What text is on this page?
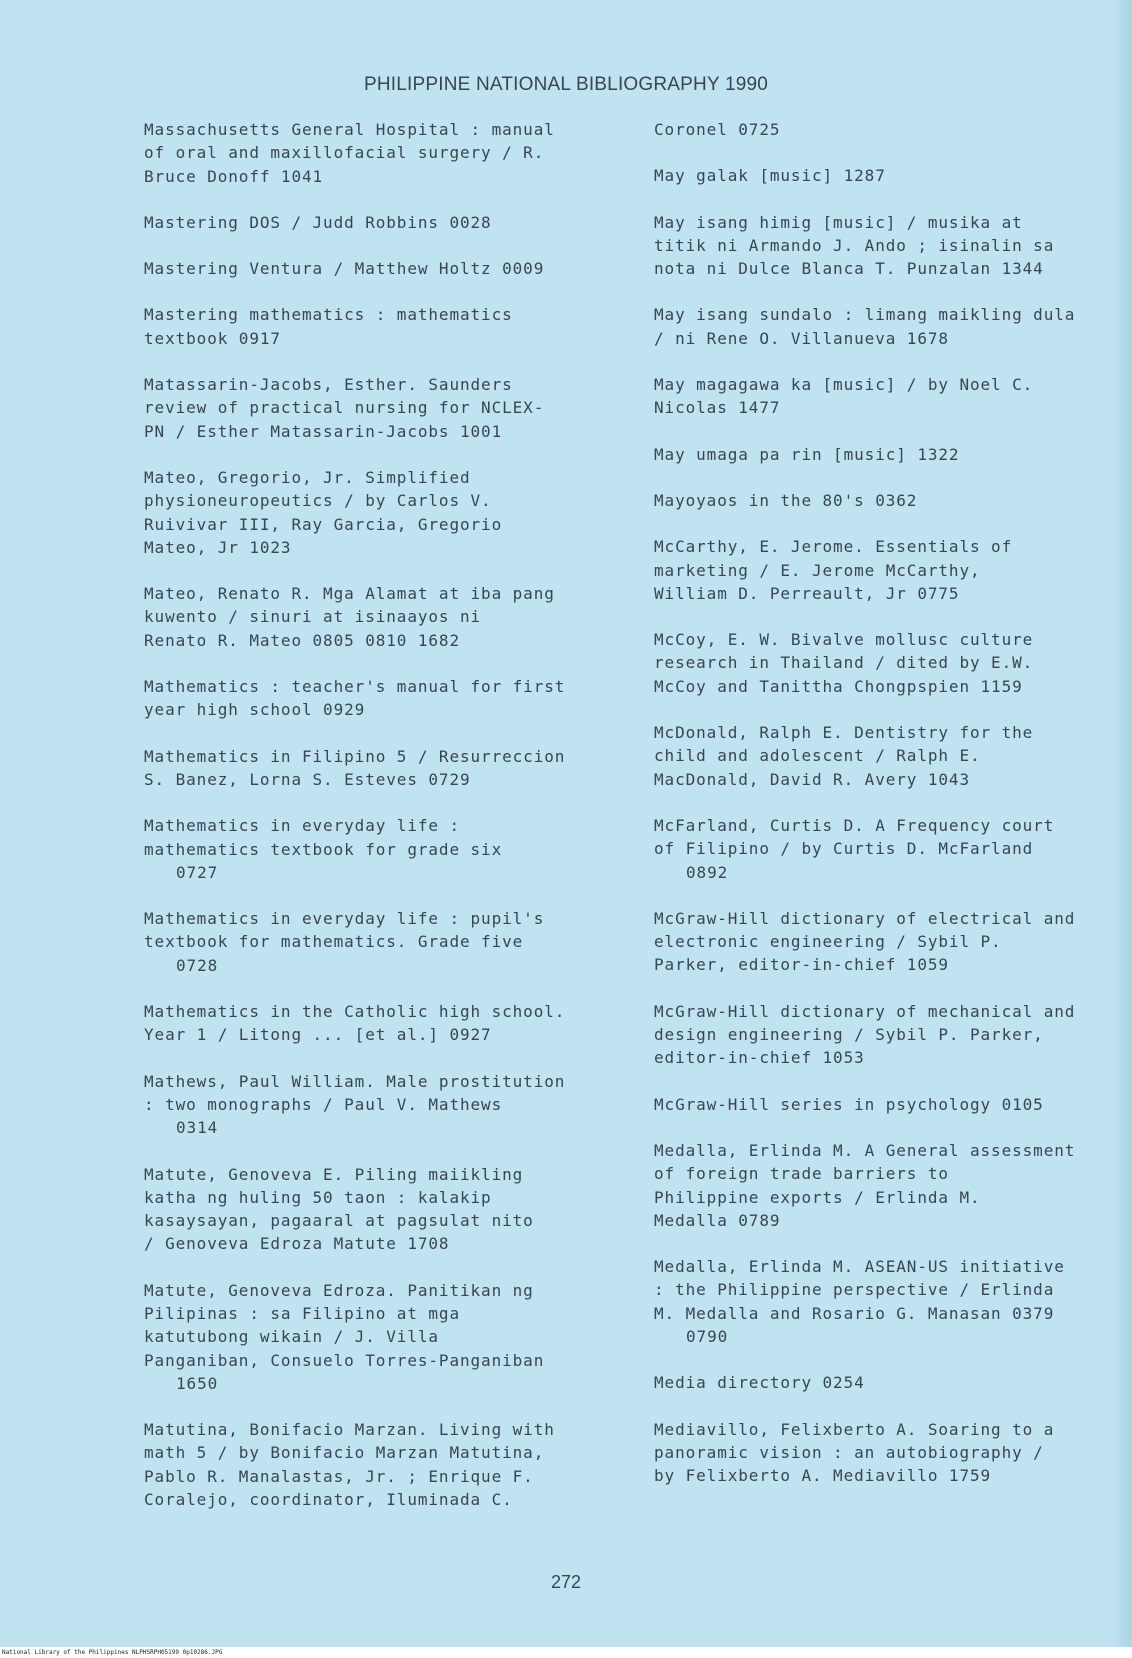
PHILIPPINE NATIONAL BIBLIOGRAPHY 1990
Massachusetts General Hospital : manual
of oral and maxillofacial surgery / R.
Bruce Donoff 1041
Mastering DOS / Judd Robbins 0028
Mastering Ventura / Matthew Holtz 0009
Mastering mathematics : mathematics
textbook 0917
Matassarin-Jacobs, Esther. Saunders
review of practical nursing for NCLEX-
PN / Esther Matassarin-Jacobs 1001
Mateo, Gregorio, Jr. Simplified
physioneuropeutics / by Carlos V.
Ruivivar III, Ray Garcia, Gregorio
Mateo, Jr 1023
Mateo, Renato R. Mga Alamat at iba pang
kuwento / sinuri at isinaayos ni
Renato R. Mateo 0805 0810 1682
Mathematics : teacher's manual for first
year high school 0929
Mathematics in Filipino 5 / Resurreccion
S. Banez, Lorna S. Esteves 0729
Mathematics in everyday life :
mathematics textbook for grade six
0727
Mathematics in everyday life : pupil's
textbook for mathematics. Grade five
0728
Mathematics in the Catholic high school.
Year 1 / Litong ... [et al.] 0927
Mathews, Paul William. Male prostitution
: two monographs / Paul V. Mathews
0314
Matute, Genoveva E. Piling maiikling
katha ng huling 50 taon : kalakip
kasaysayan, pagaaral at pagsulat nito
/ Genoveva Edroza Matute 1708
Matute, Genoveva Edroza. Panitikan ng
Pilipinas : sa Filipino at mga
katutubong wikain / J. Villa
Panganiban, Consuelo Torres-Panganiban
1650
Matutina, Bonifacio Marzan. Living with
math 5 / by Bonifacio Marzan Matutina,
Pablo R. Manalastas, Jr. ; Enrique F.
Coralejo, coordinator, Iluminada C.
Coronel 0725
May galak [music] 1287
May isang himig [music] / musika at
titik ni Armando J. Ando ; isinalin sa
nota ni Dulce Blanca T. Punzalan 1344
May isang sundalo : limang maikling dula
/ ni Rene O. Villanueva 1678
May magagawa ka [music] / by Noel C.
Nicolas 1477
May umaga pa rin [music] 1322
Mayoyaos in the 80's 0362
McCarthy, E. Jerome. Essentials of
marketing / E. Jerome McCarthy,
William D. Perreault, Jr 0775
McCoy, E. W. Bivalve mollusc culture
research in Thailand / dited by E.W.
McCoy and Tanittha Chongpspien 1159
McDonald, Ralph E. Dentistry for the
child and adolescent / Ralph E.
MacDonald, David R. Avery 1043
McFarland, Curtis D. A Frequency court
of Filipino / by Curtis D. McFarland
0892
McGraw-Hill dictionary of electrical and
electronic engineering / Sybil P.
Parker, editor-in-chief 1059
McGraw-Hill dictionary of mechanical and
design engineering / Sybil P. Parker,
editor-in-chief 1053
McGraw-Hill series in psychology 0105
Medalla, Erlinda M. A General assessment
of foreign trade barriers to
Philippine exports / Erlinda M.
Medalla 0789
Medalla, Erlinda M. ASEAN-US initiative
: the Philippine perspective / Erlinda
M. Medalla and Rosario G. Manasan 0379
0790
Media directory 0254
Mediavillo, Felixberto A. Soaring to a
panoramic vision : an autobiography /
by Felixberto A. Mediavillo 1759
272
National Library of the Philippines NLPHSRPH05199 0p10286.JPG
